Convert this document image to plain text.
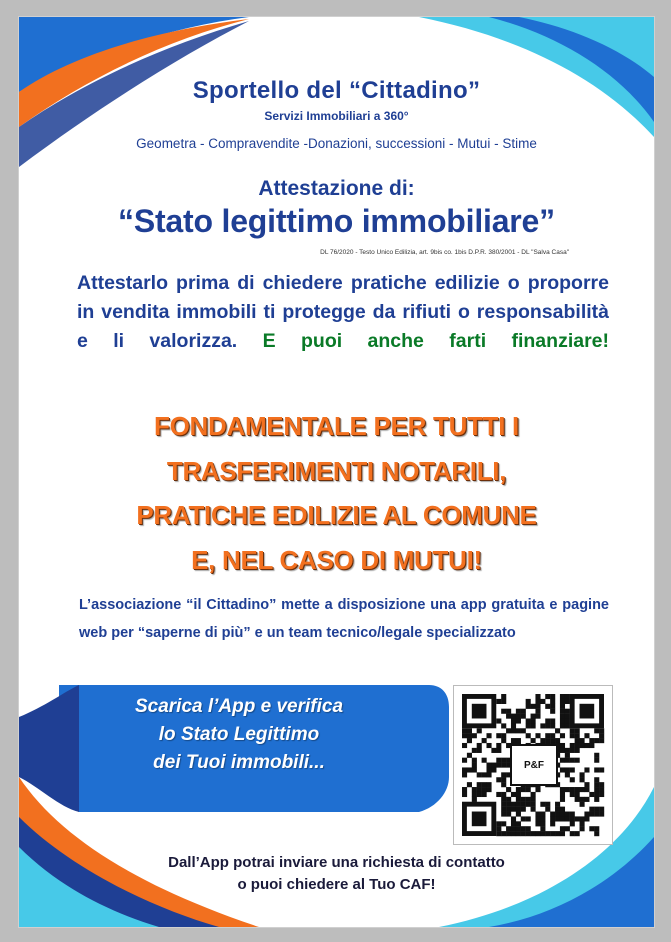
Sportello del “Cittadino”
Servizi Immobiliari a 360°
Geometra - Compravendite -Donazioni, successioni - Mutui - Stime
Attestazione di:
“Stato legittimo immobiliare”
DL 76/2020 - Testo Unico Edilizia, art. 9bis co. 1bis D.P.R. 380/2001 - DL "Salva Casa"
Attestarlo prima di chiedere pratiche edilizie o proporre in vendita immobili ti protegge da rifiuti o responsabilità e li valorizza. E puoi anche farti finanziare!
FONDAMENTALE PER TUTTI I
TRASFERIMENTI NOTARILI,
PRATICHE EDILIZIE AL COMUNE
E, NEL CASO DI MUTUI!
L’associazione “il Cittadino” mette a disposizione una app gratuita e pagine web per “saperne di più” e un team tecnico/legale specializzato
Scarica l’App e verifica
lo Stato Legittimo
dei Tuoi immobili...	P&F
Dall’App potrai inviare una richiesta di contatto
o puoi chiedere al Tuo CAF!
